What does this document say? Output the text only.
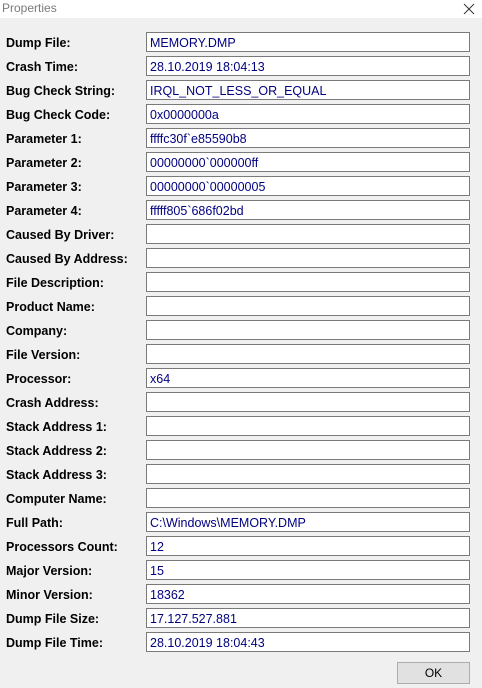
Properties
Dump File:
MEMORY.DMP
Crash Time:
28.10.2019 18:04:13
Bug Check String:
IRQL_NOT_LESS_OR_EQUAL
Bug Check Code:
0x0000000a
Parameter 1:
ffffc30f`e85590b8
Parameter 2:
00000000`000000ff
Parameter 3:
00000000`00000005
Parameter 4:
fffff805`686f02bd
Caused By Driver:
Caused By Address:
File Description:
Product Name:
Company:
File Version:
Processor:
x64
Crash Address:
Stack Address 1:
Stack Address 2:
Stack Address 3:
Computer Name:
Full Path:
C:\Windows\MEMORY.DMP
Processors Count:
12
Major Version:
15
Minor Version:
18362
Dump File Size:
17.127.527.881
Dump File Time:
28.10.2019 18:04:43
OK
